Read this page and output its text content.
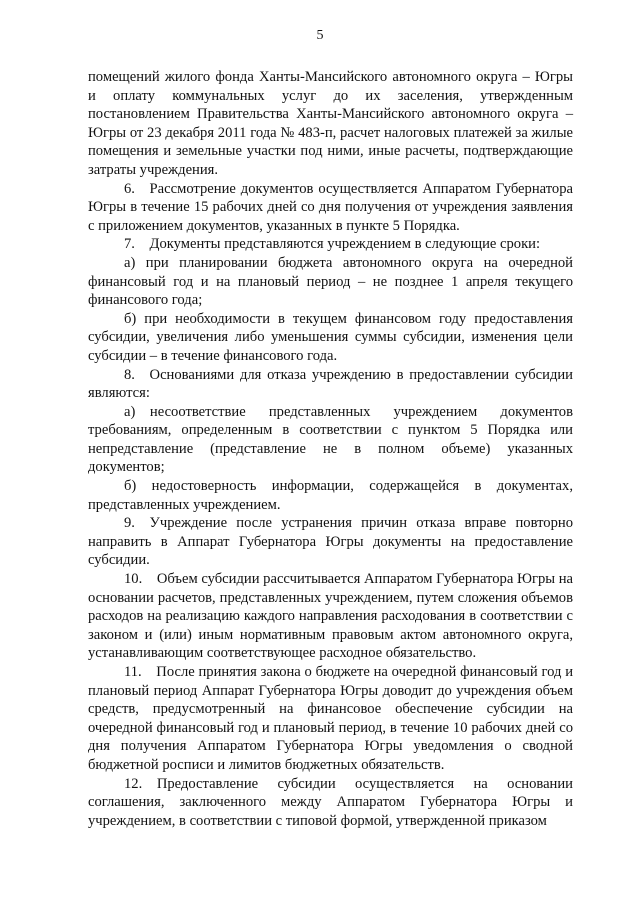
5

помещений жилого фонда Ханты-Мансийского автономного округа – Югры и оплату коммунальных услуг до их заселения, утвержденным постановлением Правительства Ханты-Мансийского автономного округа – Югры от 23 декабря 2011 года № 483-п, расчет налоговых платежей за жилые помещения и земельные участки под ними, иные расчеты, подтверждающие затраты учреждения.

6. Рассмотрение документов осуществляется Аппаратом Губернатора Югры в течение 15 рабочих дней со дня получения от учреждения заявления с приложением документов, указанных в пункте 5 Порядка.

7. Документы представляются учреждением в следующие сроки:

а) при планировании бюджета автономного округа на очередной финансовый год и на плановый период – не позднее 1 апреля текущего финансового года;

б) при необходимости в текущем финансовом году предоставления субсидии, увеличения либо уменьшения суммы субсидии, изменения цели субсидии – в течение финансового года.

8. Основаниями для отказа учреждению в предоставлении субсидии являются:

а) несоответствие представленных учреждением документов требованиям, определенным в соответствии с пунктом 5 Порядка или непредставление (представление не в полном объеме) указанных документов;

б) недостоверность информации, содержащейся в документах, представленных учреждением.

9. Учреждение после устранения причин отказа вправе повторно направить в Аппарат Губернатора Югры документы на предоставление субсидии.

10. Объем субсидии рассчитывается Аппаратом Губернатора Югры на основании расчетов, представленных учреждением, путем сложения объемов расходов на реализацию каждого направления расходования в соответствии с законом и (или) иным нормативным правовым актом автономного округа, устанавливающим соответствующее расходное обязательство.

11. После принятия закона о бюджете на очередной финансовый год и плановый период Аппарат Губернатора Югры доводит до учреждения объем средств, предусмотренный на финансовое обеспечение субсидии на очередной финансовый год и плановый период, в течение 10 рабочих дней со дня получения Аппаратом Губернатора Югры уведомления о сводной бюджетной росписи и лимитов бюджетных обязательств.

12. Предоставление субсидии осуществляется на основании соглашения, заключенного между Аппаратом Губернатора Югры и учреждением, в соответствии с типовой формой, утвержденной приказом
